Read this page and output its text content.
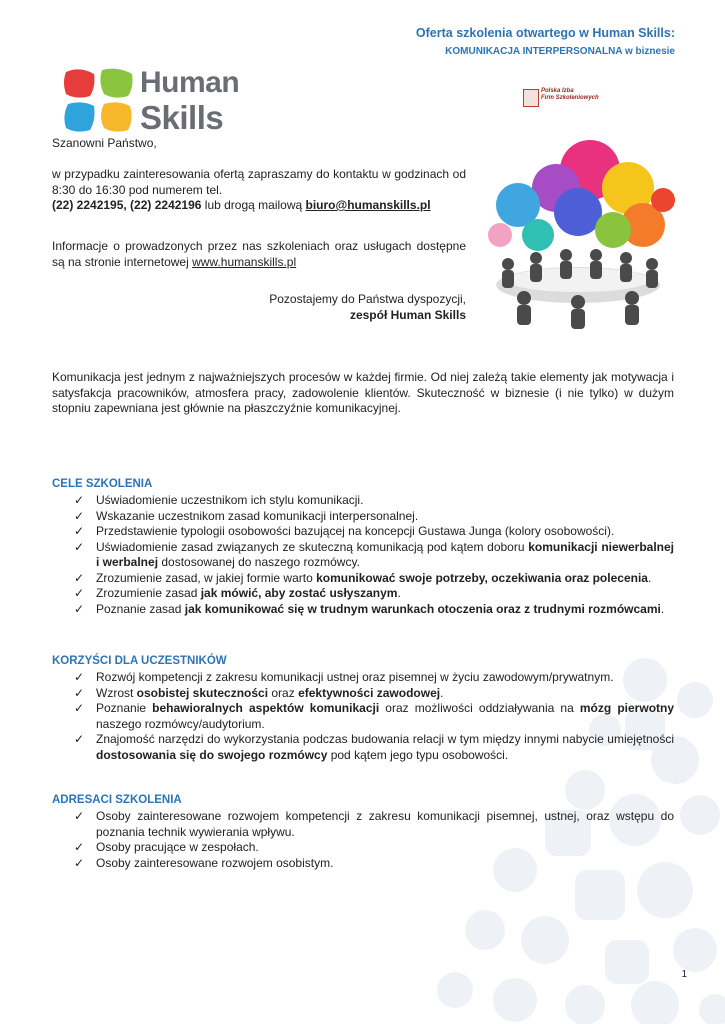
Oferta szkolenia otwartego w Human Skills:
KOMUNIKACJA INTERPERSONALNA w biznesie
Human
Skills
Polska Izba
Firm Szkoleniowych
Szanowni Państwo,

w przypadku zainteresowania ofertą zapraszamy do kontaktu w godzinach od 8:30 do 16:30 pod numerem tel.
(22) 2242195, (22) 2242196 lub drogą mailową biuro@humanskills.pl

Informacje o prowadzonych przez nas szkoleniach oraz usługach dostępne są na stronie internetowej www.humanskills.pl

Pozostajemy do Państwa dyspozycji,
zespół Human Skills
Komunikacja jest jednym z najważniejszych procesów w każdej firmie. Od niej zależą takie elementy jak motywacja i satysfakcja pracowników, atmosfera pracy, zadowolenie klientów. Skuteczność w biznesie (i nie tylko) w dużym stopniu zapewniana jest głównie na płaszczyźnie komunikacyjnej.
CELE SZKOLENIA
✓ Uświadomienie uczestnikom ich stylu komunikacji.
✓ Wskazanie uczestnikom zasad komunikacji interpersonalnej.
✓ Przedstawienie typologii osobowości bazującej na koncepcji Gustawa Junga (kolory osobowości).
✓ Uświadomienie zasad związanych ze skuteczną komunikacją pod kątem doboru komunikacji niewerbalnej i werbalnej dostosowanej do naszego rozmówcy.
✓ Zrozumienie zasad, w jakiej formie warto komunikować swoje potrzeby, oczekiwania oraz polecenia.
✓ Zrozumienie zasad jak mówić, aby zostać usłyszanym.
✓ Poznanie zasad jak komunikować się w trudnym warunkach otoczenia oraz z trudnymi rozmówcami.
KORZYŚCI DLA UCZESTNIKÓW
✓ Rozwój kompetencji z zakresu komunikacji ustnej oraz pisemnej w życiu zawodowym/prywatnym.
✓ Wzrost osobistej skuteczności oraz efektywności zawodowej.
✓ Poznanie behawioralnych aspektów komunikacji oraz możliwości oddziaływania na mózg pierwotny naszego rozmówcy/audytorium.
✓ Znajomość narzędzi do wykorzystania podczas budowania relacji w tym między innymi nabycie umiejętności dostosowania się do swojego rozmówcy pod kątem jego typu osobowości.
ADRESACI SZKOLENIA
✓ Osoby zainteresowane rozwojem kompetencji z zakresu komunikacji pisemnej, ustnej, oraz wstępu do poznania technik wywierania wpływu.
✓ Osoby pracujące w zespołach.
✓ Osoby zainteresowane rozwojem osobistym.
1
